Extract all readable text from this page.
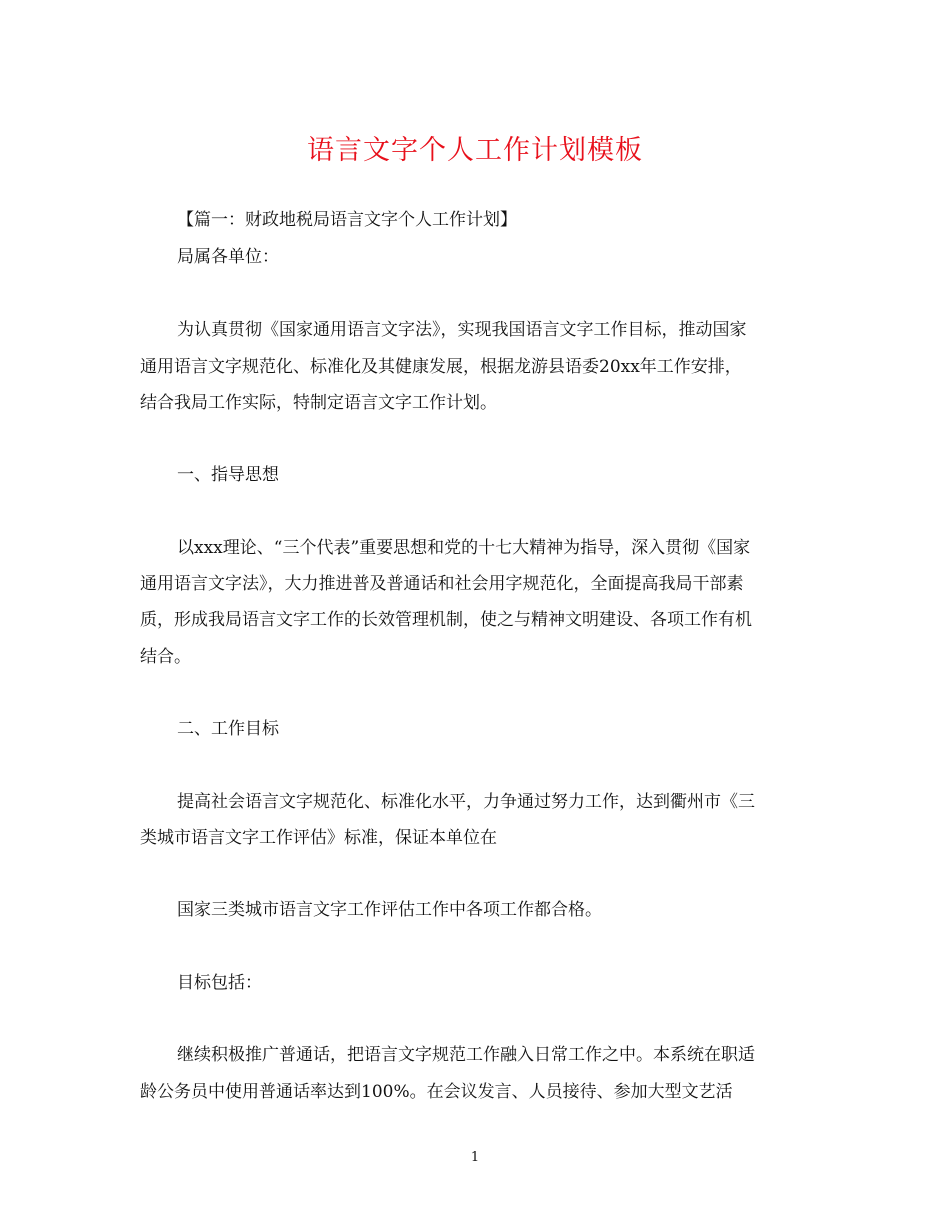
语言文字个人工作计划模板
【篇一：财政地税局语言文字个人工作计划】
局属各单位：
为认真贯彻《国家通用语言文字法》，实现我国语言文字工作目标，推动国家
通用语言文字规范化、标准化及其健康发展，根据龙游县语委20xx年工作安排，
结合我局工作实际，特制定语言文字工作计划。
一、指导思想
以xxx理论、“三个代表”重要思想和党的十七大精神为指导，深入贯彻《国家
通用语言文字法》，大力推进普及普通话和社会用字规范化，全面提高我局干部素
质，形成我局语言文字工作的长效管理机制，使之与精神文明建设、各项工作有机
结合。
二、工作目标
提高社会语言文字规范化、标准化水平，力争通过努力工作，达到衢州市《三
类城市语言文字工作评估》标准，保证本单位在
国家三类城市语言文字工作评估工作中各项工作都合格。
目标包括：
继续积极推广普通话，把语言文字规范工作融入日常工作之中。本系统在职适
龄公务员中使用普通话率达到100%。在会议发言、人员接待、参加大型文艺活
1
